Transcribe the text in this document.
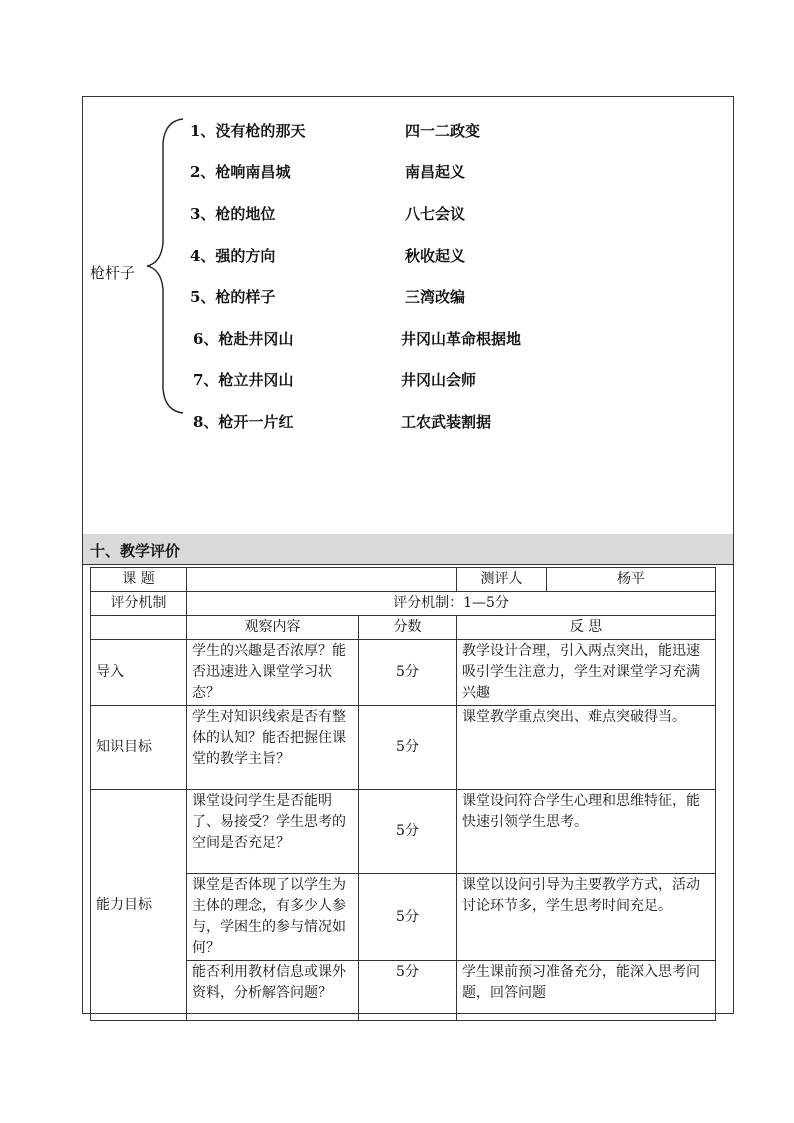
枪杆子
1、没有枪的那天	四一二政变
2、枪响南昌城	南昌起义
3、枪的地位	八七会议
4、强的方向	秋收起义
5、枪的样子	三湾改编
6、枪赴井冈山	井冈山革命根据地
7、枪立井冈山	井冈山会师
8、枪开一片红	工农武装割据
十、教学评价
课 题			测评人	杨平
评分机制	评分机制：1—5分			
	观察内容	分数	反 思	
导入	学生的兴趣是否浓厚？能否迅速进入课堂学习状态？	5分	教学设计合理，引入两点突出，能迅速吸引学生注意力，学生对课堂学习充满兴趣	
知识目标	学生对知识线索是否有整体的认知？能否把握住课堂的教学主旨？	5分	课堂教学重点突出、难点突破得当。	
能力目标	课堂设问学生是否能明了、易接受？学生思考的空间是否充足？	5分	课堂设问符合学生心理和思维特征，能快速引领学生思考。	
	课堂是否体现了以学生为主体的理念，有多少人参与，学困生的参与情况如何？	5分	课堂以设问引导为主要教学方式，活动讨论环节多，学生思考时间充足。	
	能否利用教材信息或课外资料，分析解答问题？	5分	学生课前预习准备充分，能深入思考问题，回答问题	
